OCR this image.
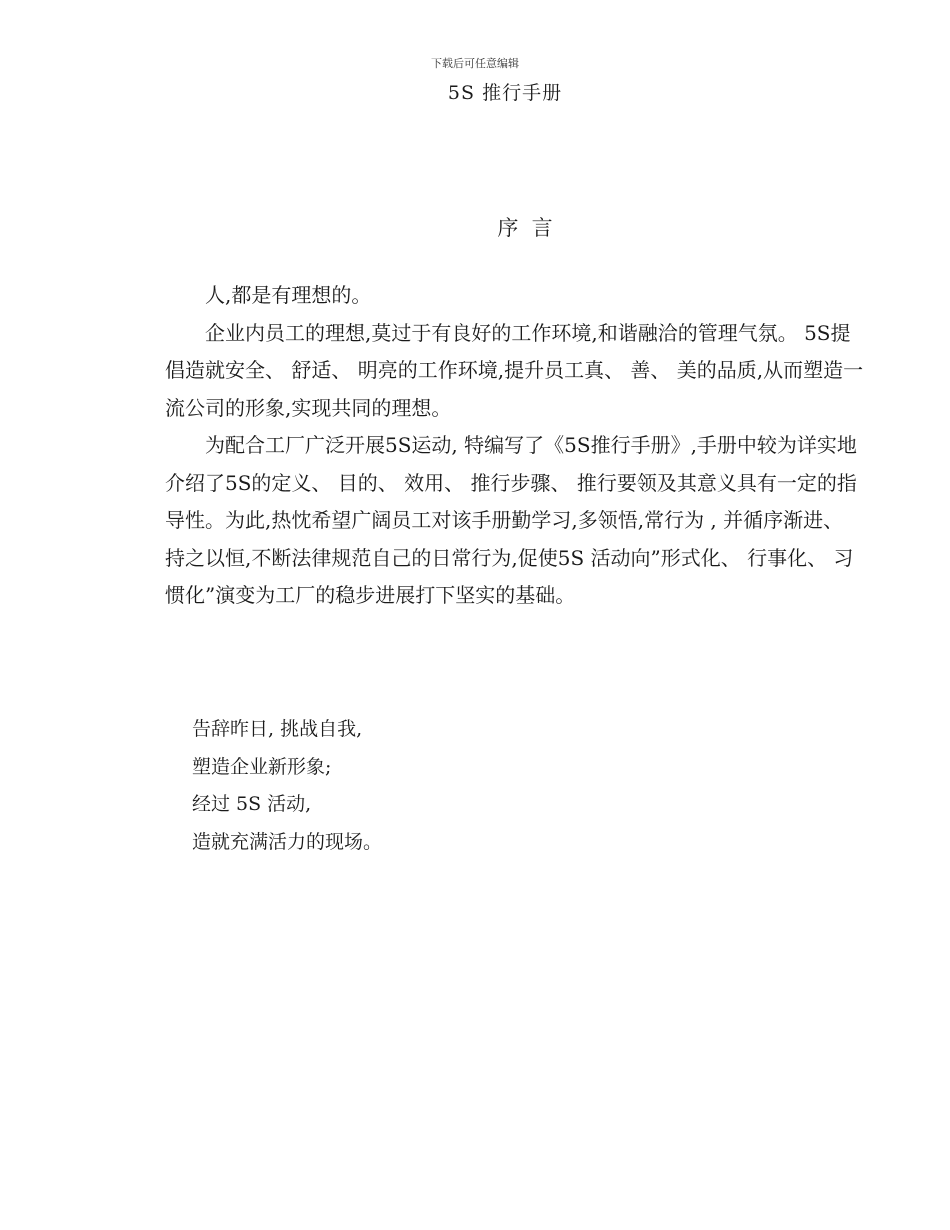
下载后可任意编辑
5S 推行手册
序  言

人,都是有理想的。

企业内员工的理想,莫过于有良好的工作环境,和谐融洽的管理气氛。 5S提倡造就安全、 舒适、 明亮的工作环境,提升员工真、 善、 美的品质,从而塑造一流公司的形象,实现共同的理想。

为配合工厂广泛开展5S运动, 特编写了《5S推行手册》,手册中较为详实地介绍了5S的定义、 目的、 效用、 推行步骤、 推行要领及其意义具有一定的指导性。为此,热忱希望广阔员工对该手册勤学习,多领悟,常行为 , 并循序渐进、 持之以恒,不断法律规范自己的日常行为,促使5S 活动向”形式化、 行事化、 习惯化”演变为工厂的稳步进展打下坚实的基础。

告辞昨日, 挑战自我,
塑造企业新形象;
经过 5S 活动,
造就充满活力的现场。
